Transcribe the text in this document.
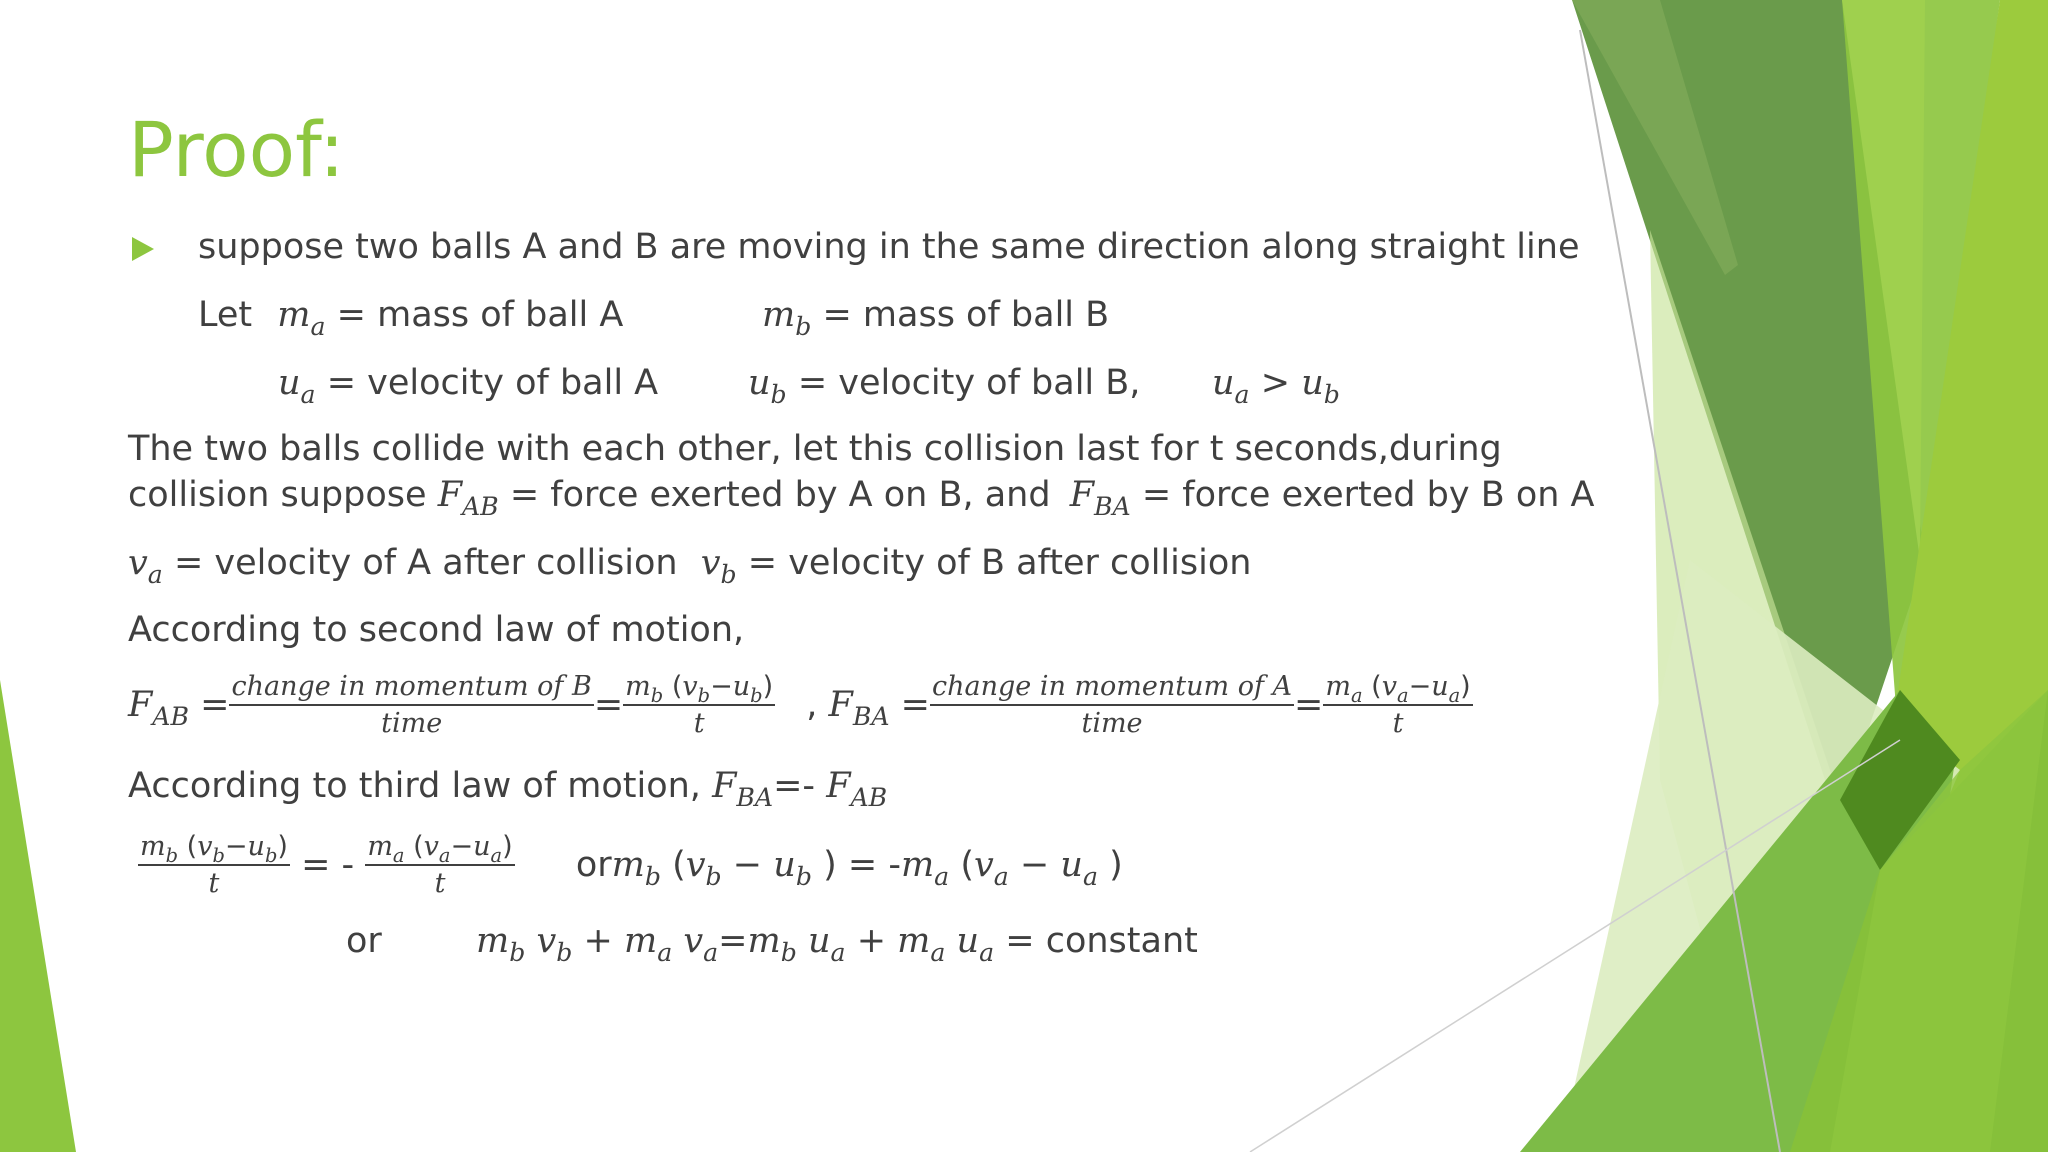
Proof:
suppose two balls A and B are moving in the same direction along straight line
Let $m_a$ = mass of ball A	$m_b$ = mass of ball B
$u_a$ = velocity of ball A	$u_b$ = velocity of ball B, $u_a > u_b$
The two balls collide with each other, let this collision last for t seconds,during
collision suppose $F_{AB}$ = force exerted by A on B, and $F_{BA}$ = force exerted by B on A
$v_a$ = velocity of A after collision $v_b$ = velocity of B after collision
According to second law of motion,
$F_{AB} = \frac{\text{change in momentum of B}}{\text{time}} = \frac{m_b (v_b-u_b)}{t}$ , $F_{BA} = \frac{\text{change in momentum of A}}{\text{time}} = \frac{m_a (v_a-u_a)}{t}$
According to third law of motion, $F_{BA}=-$ $F_{AB}$
$\frac{m_b (v_b-u_b)}{t}$ = - $\frac{m_a (v_a-u_a)}{t} orm_b$ ($v_b - u_b$ ) = $-m_a$ ($v_a - u_a$ )
or	$m_b$ $v_b + m_a$ $v_a=m_b$ $u_a + m_a$ $u_a$ = constant
